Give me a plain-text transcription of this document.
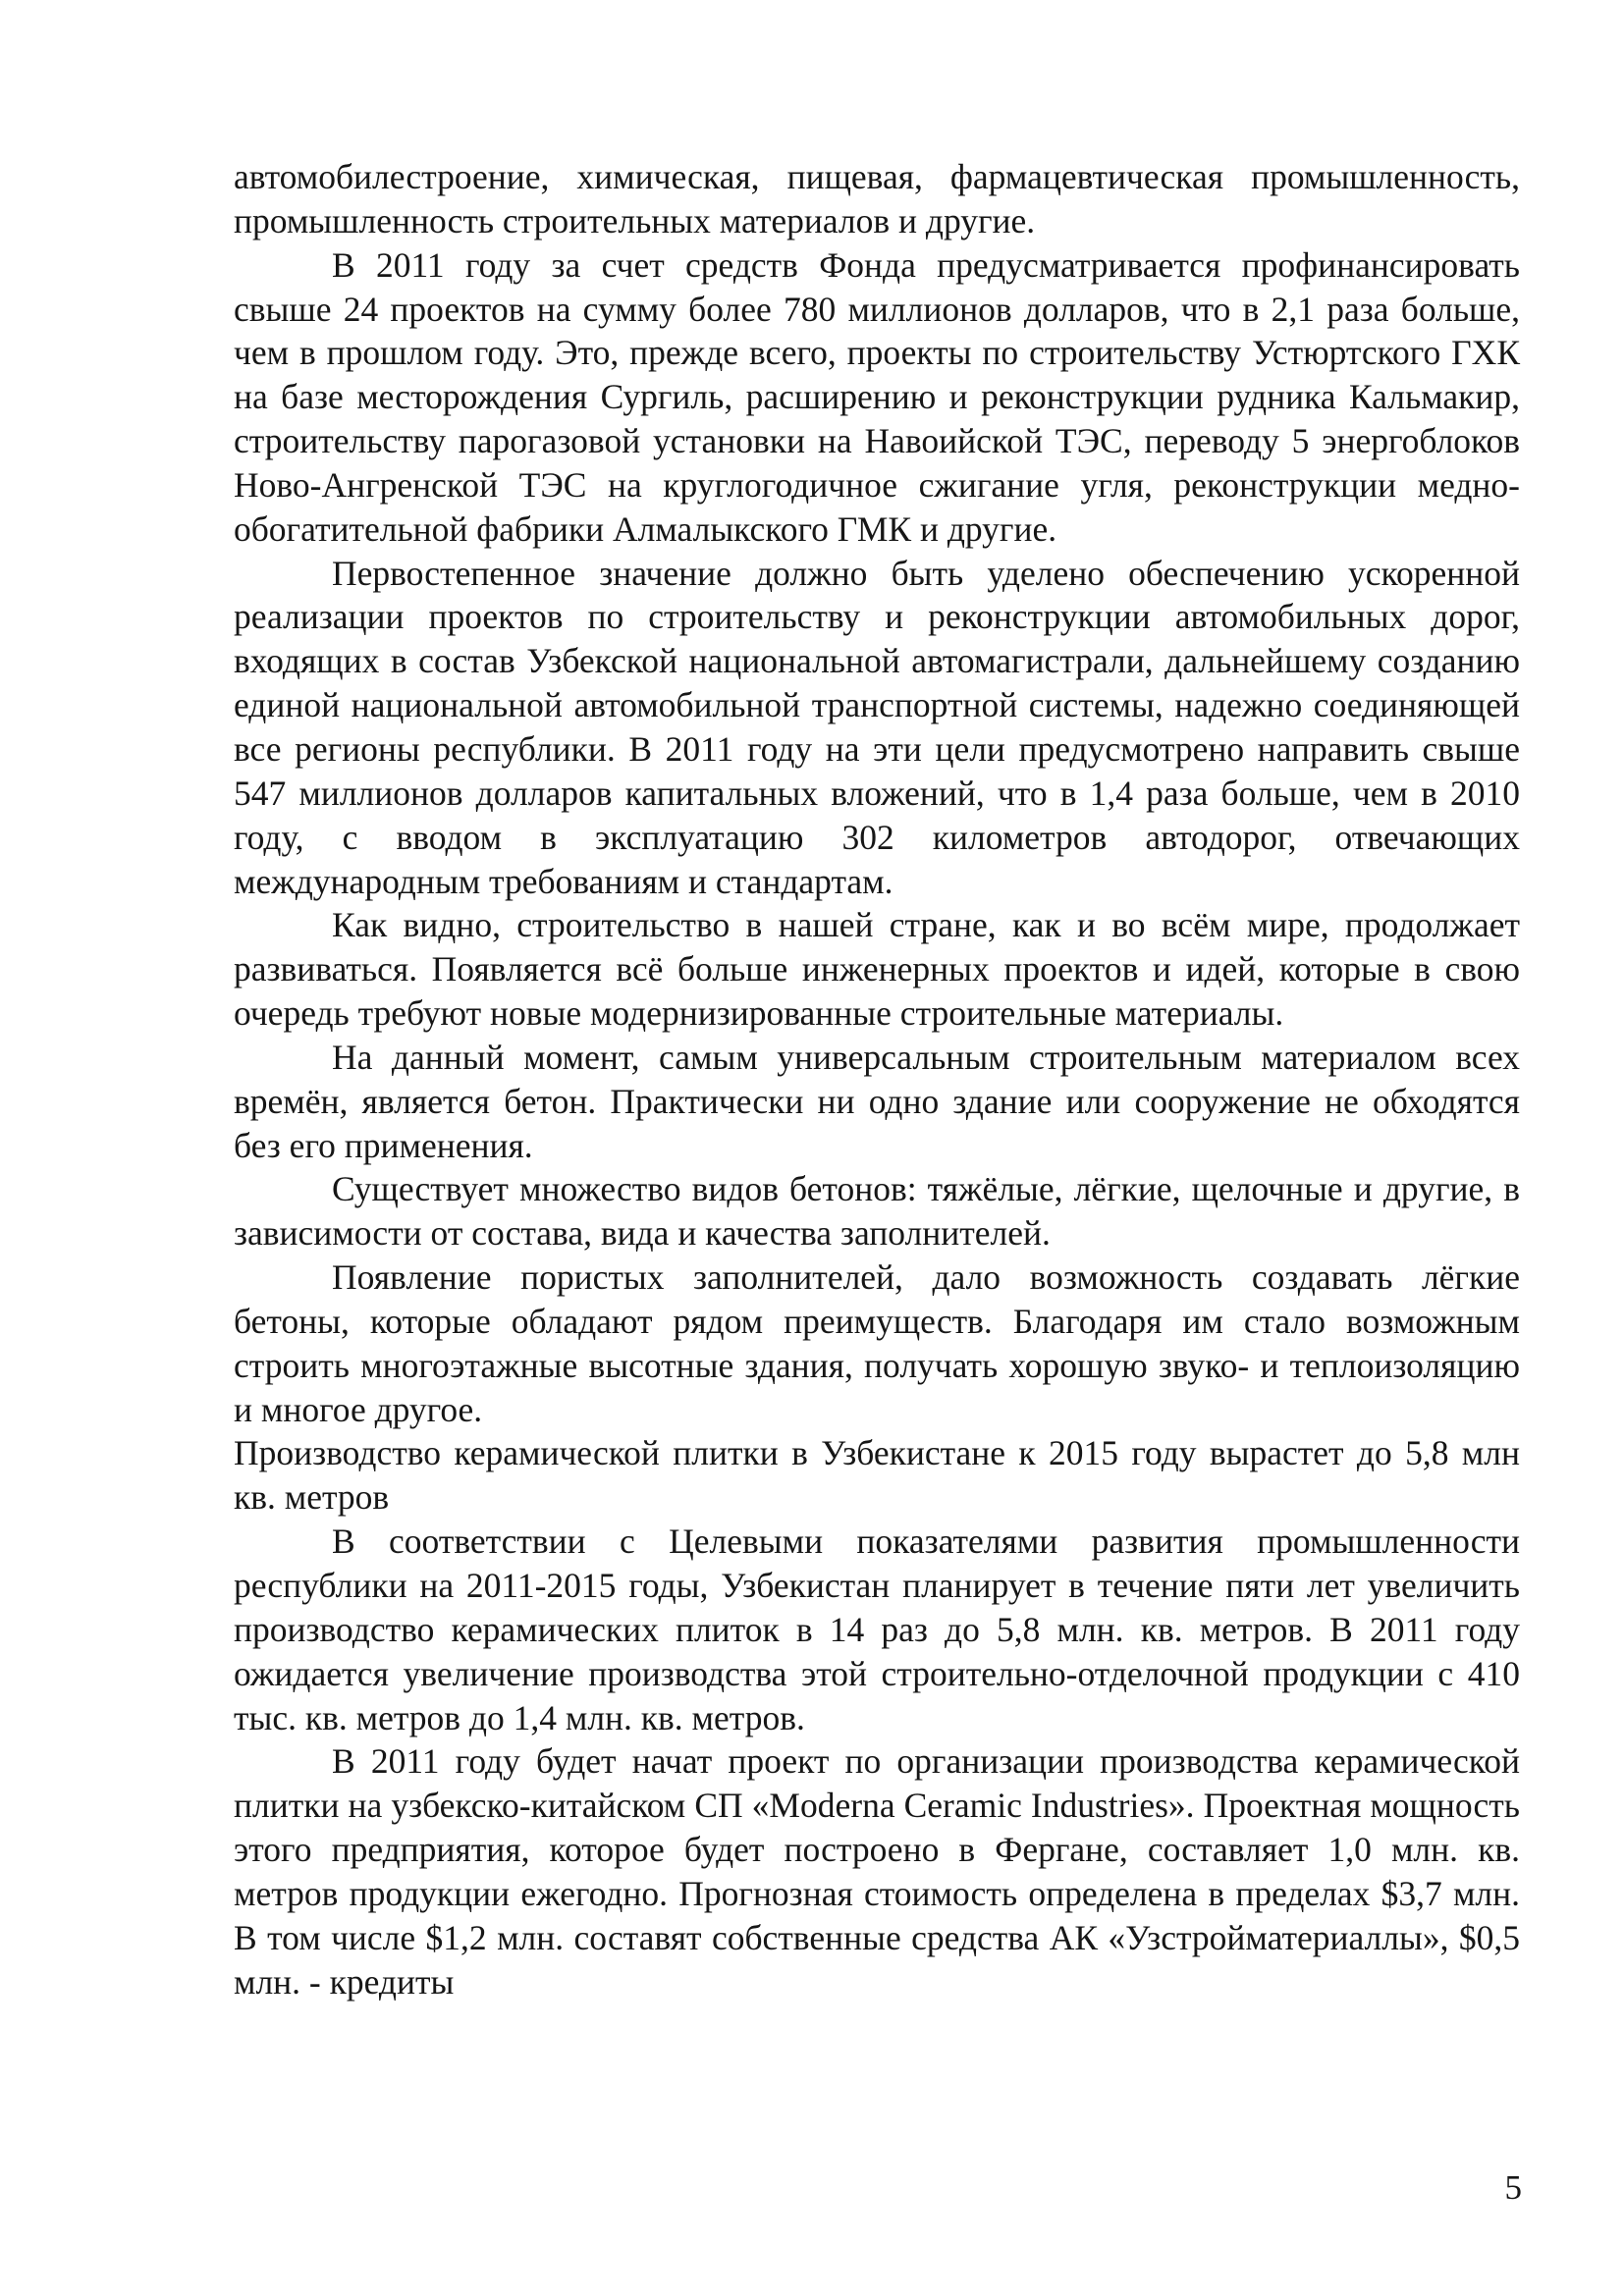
автомобилестроение, химическая, пищевая, фармацевтическая промышленность, промышленность строительных материалов и другие.

В 2011 году за счет средств Фонда предусматривается профинансировать свыше 24 проектов на сумму более 780 миллионов долларов, что в 2,1 раза больше, чем в прошлом году. Это, прежде всего, проекты по строительству Устюртского ГХК на базе месторождения Сургиль, расширению и реконструкции рудника Кальмакир, строительству парогазовой установки на Навоийской ТЭС, переводу 5 энергоблоков Ново-Ангренской ТЭС на круглогодичное сжигание угля, реконструкции медно-обогатительной фабрики Алмалыкского ГМК и другие.

Первостепенное значение должно быть уделено обеспечению ускоренной реализации проектов по строительству и реконструкции автомобильных дорог, входящих в состав Узбекской национальной автомагистрали, дальнейшему созданию единой национальной автомобильной транспортной системы, надежно соединяющей все регионы республики. В 2011 году на эти цели предусмотрено направить свыше 547 миллионов долларов капитальных вложений, что в 1,4 раза больше, чем в 2010 году, с вводом в эксплуатацию 302 километров автодорог, отвечающих международным требованиям и стандартам.

Как видно, строительство в нашей стране, как и во всём мире, продолжает развиваться. Появляется всё больше инженерных проектов и идей, которые в свою очередь требуют новые модернизированные строительные материалы.

На данный момент, самым универсальным строительным материалом всех времён, является бетон. Практически ни одно здание или сооружение не обходятся без его применения.

Существует множество видов бетонов: тяжёлые, лёгкие, щелочные и другие, в зависимости от состава, вида и качества заполнителей.

Появление пористых заполнителей, дало возможность создавать лёгкие бетоны, которые обладают рядом преимуществ. Благодаря им стало возможным строить многоэтажные высотные здания, получать хорошую звуко- и теплоизоляцию и многое другое.

Производство керамической плитки в Узбекистане к 2015 году вырастет до 5,8 млн кв. метров

В соответствии с Целевыми показателями развития промышленности республики на 2011-2015 годы, Узбекистан планирует в течение пяти лет увеличить производство керамических плиток в 14 раз до 5,8 млн. кв. метров. В 2011 году ожидается увеличение производства этой строительно-отделочной продукции с 410 тыс. кв. метров до 1,4 млн. кв. метров.

В 2011 году будет начат проект по организации производства керамической плитки на узбекско-китайском СП «Moderna Ceramic Industries». Проектная мощность этого предприятия, которое будет построено в Фергане, составляет 1,0 млн. кв. метров продукции ежегодно. Прогнозная стоимость определена в пределах $3,7 млн. В том числе $1,2 млн. составят собственные средства АК «Узстройматериаллы», $0,5 млн. - кредиты

5
